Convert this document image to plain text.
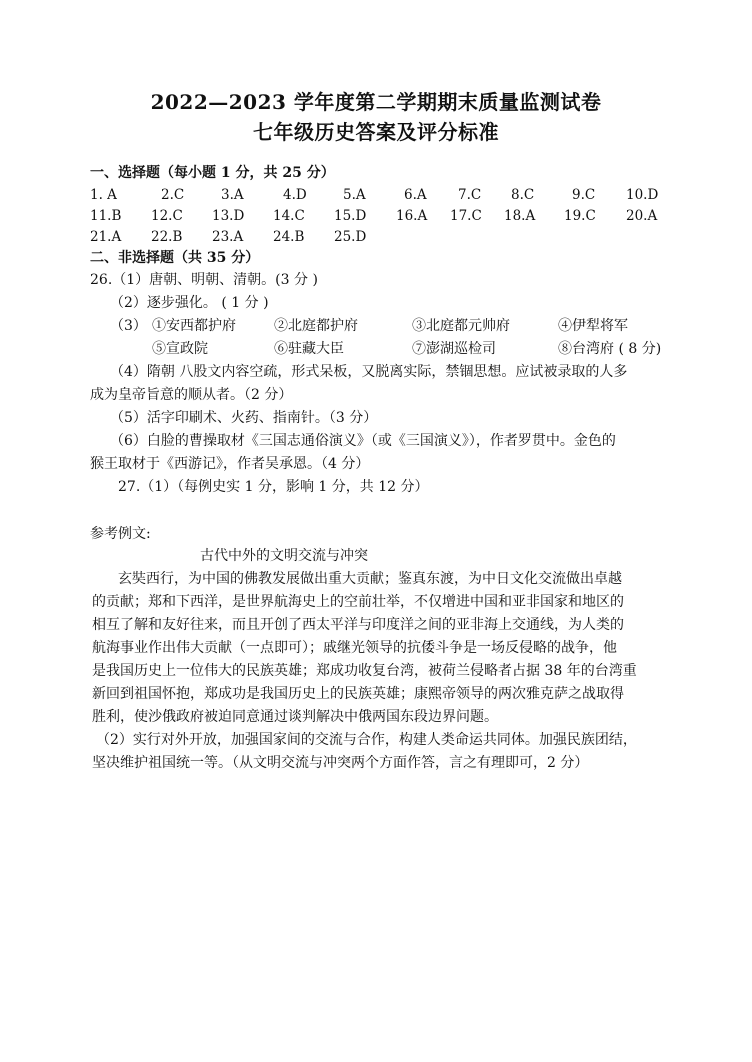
2022—2023 学年度第二学期期末质量监测试卷
七年级历史答案及评分标准
一、选择题（每小题 1 分，共 25 分）
1. A	2.C	3.A	4.D	5.A	6.A 7.C 8.C	9.C 10.D
11.B 12.C 13.D 14.C 15.D 16.A 17.C 18.A 19.C 20.A
21.A 22.B 23.A 24.B 25.D
二、非选择题（共 35 分）
26.（1）唐朝、明朝、清朝。(3 分 )
（2）逐步强化。 ( 1 分 )
（3） ①安西都护府	②北庭都护府	③北庭都元帅府	④伊犁将军
⑤宣政院	⑥驻藏大臣	⑦澎湖巡检司	⑧台湾府 ( 8 分)
（4）隋朝 八股文内容空疏，形式呆板，又脱离实际，禁锢思想。应试被录取的人多
成为皇帝旨意的顺从者。（2 分）
（5）活字印刷术、火药、指南针。（3 分）
（6）白脸的曹操取材《三国志通俗演义》（或《三国演义》），作者罗贯中。金色的
猴王取材于《西游记》，作者吴承恩。（4 分）
27.（1）（每例史实 1 分，影响 1 分，共 12 分）
参考例文:
古代中外的文明交流与冲突
玄奘西行，为中国的佛教发展做出重大贡献；鉴真东渡，为中日文化交流做出卓越
的贡献；郑和下西洋，是世界航海史上的空前壮举，不仅增进中国和亚非国家和地区的
相互了解和友好往来，而且开创了西太平洋与印度洋之间的亚非海上交通线，为人类的
航海事业作出伟大贡献（一点即可）；戚继光领导的抗倭斗争是一场反侵略的战争，他
是我国历史上一位伟大的民族英雄；郑成功收复台湾，被荷兰侵略者占据 38 年的台湾重
新回到祖国怀抱，郑成功是我国历史上的民族英雄；康熙帝领导的两次雅克萨之战取得
胜利，使沙俄政府被迫同意通过谈判解决中俄两国东段边界问题。
（2）实行对外开放，加强国家间的交流与合作，构建人类命运共同体。加强民族团结，
坚决维护祖国统一等。（从文明交流与冲突两个方面作答，言之有理即可，2 分）
